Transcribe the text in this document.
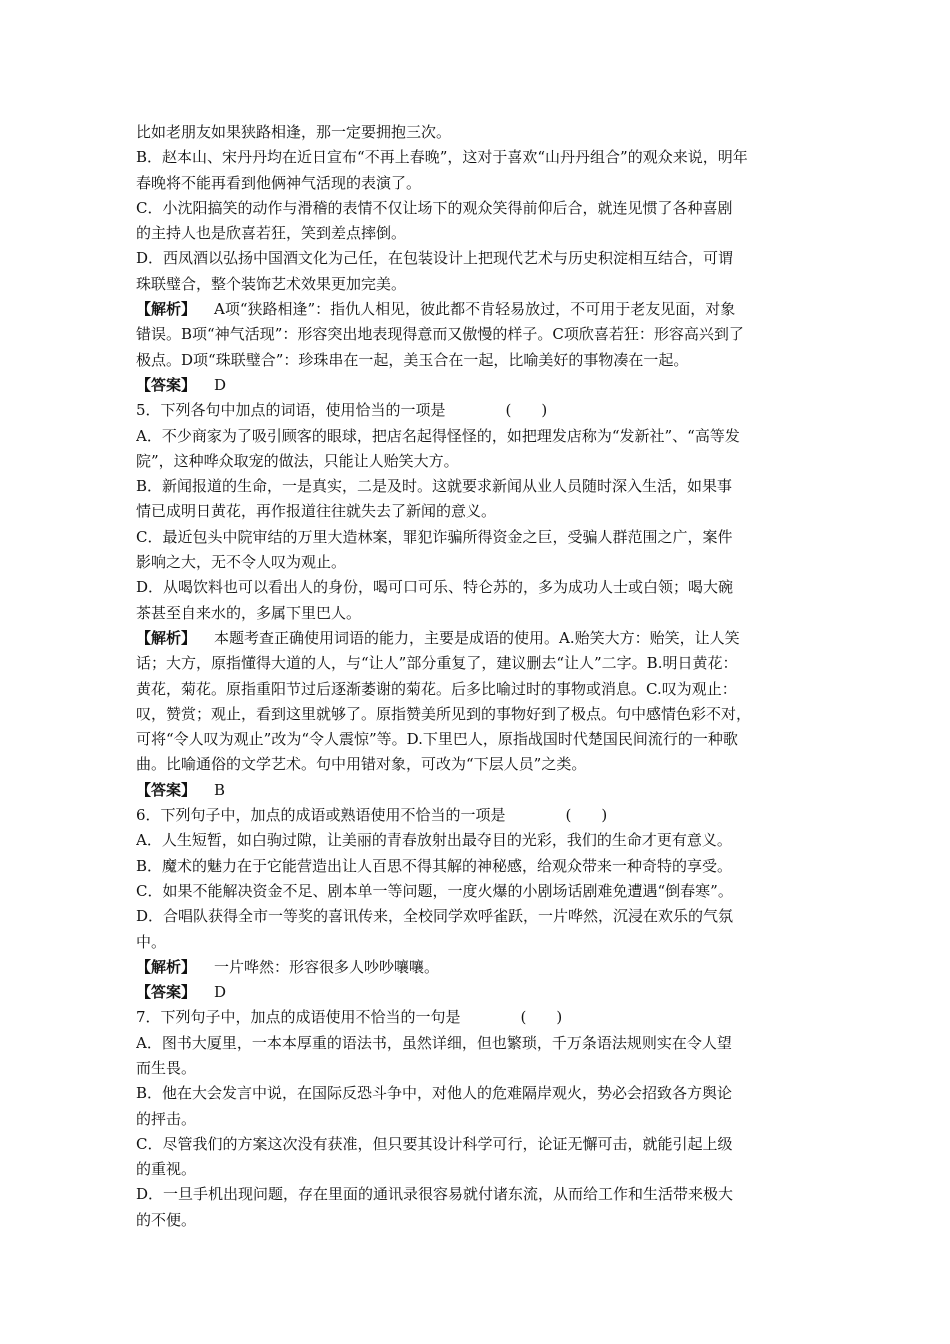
比如老朋友如果狭路相逢，那一定要拥抱三次。
B．赵本山、宋丹丹均在近日宣布“不再上春晚”，这对于喜欢“山丹丹组合”的观众来说，明年
春晚将不能再看到他俩神气活现的表演了。
C．小沈阳搞笑的动作与滑稽的表情不仅让场下的观众笑得前仰后合，就连见惯了各种喜剧
的主持人也是欣喜若狂，笑到差点摔倒。
D．西凤酒以弘扬中国酒文化为己任，在包装设计上把现代艺术与历史积淀相互结合，可谓
珠联璧合，整个装饰艺术效果更加完美。
【解析】 A项“狭路相逢”：指仇人相见，彼此都不肯轻易放过，不可用于老友见面，对象
错误。B项“神气活现”：形容突出地表现得意而又傲慢的样子。C项欣喜若狂：形容高兴到了
极点。D项“珠联璧合”：珍珠串在一起，美玉合在一起，比喻美好的事物凑在一起。
【答案】 D
5．下列各句中加点的词语，使用恰当的一项是	(　　)
A．不少商家为了吸引顾客的眼球，把店名起得怪怪的，如把理发店称为“发新社”、“高等发
院”，这种哗众取宠的做法，只能让人贻笑大方。
B．新闻报道的生命，一是真实，二是及时。这就要求新闻从业人员随时深入生活，如果事
情已成明日黄花，再作报道往往就失去了新闻的意义。
C．最近包头中院审结的万里大造林案，罪犯诈骗所得资金之巨，受骗人群范围之广，案件
影响之大，无不令人叹为观止。
D．从喝饮料也可以看出人的身份，喝可口可乐、特仑苏的，多为成功人士或白领；喝大碗
茶甚至自来水的，多属下里巴人。
【解析】 本题考查正确使用词语的能力，主要是成语的使用。A.贻笑大方：贻笑，让人笑
话；大方，原指懂得大道的人，与“让人”部分重复了，建议删去“让人”二字。B.明日黄花：
黄花，菊花。原指重阳节过后逐渐萎谢的菊花。后多比喻过时的事物或消息。C.叹为观止：
叹，赞赏；观止，看到这里就够了。原指赞美所见到的事物好到了极点。句中感情色彩不对，
可将“令人叹为观止”改为“令人震惊”等。D.下里巴人，原指战国时代楚国民间流行的一种歌
曲。比喻通俗的文学艺术。句中用错对象，可改为“下层人员”之类。
【答案】 B
6．下列句子中，加点的成语或熟语使用不恰当的一项是	(　　)
A．人生短暂，如白驹过隙，让美丽的青春放射出最夺目的光彩，我们的生命才更有意义。
B．魔术的魅力在于它能营造出让人百思不得其解的神秘感，给观众带来一种奇特的享受。
C．如果不能解决资金不足、剧本单一等问题，一度火爆的小剧场话剧难免遭遇“倒春寒”。
D．合唱队获得全市一等奖的喜讯传来，全校同学欢呼雀跃，一片哗然，沉浸在欢乐的气氛
中。
【解析】 一片哗然：形容很多人吵吵嚷嚷。
【答案】 D
7．下列句子中，加点的成语使用不恰当的一句是	(　　)
A．图书大厦里，一本本厚重的语法书，虽然详细，但也繁琐，千万条语法规则实在令人望
而生畏。
B．他在大会发言中说，在国际反恐斗争中，对他人的危难隔岸观火，势必会招致各方舆论
的抨击。
C．尽管我们的方案这次没有获准，但只要其设计科学可行，论证无懈可击，就能引起上级
的重视。
D．一旦手机出现问题，存在里面的通讯录很容易就付诸东流，从而给工作和生活带来极大
的不便。
